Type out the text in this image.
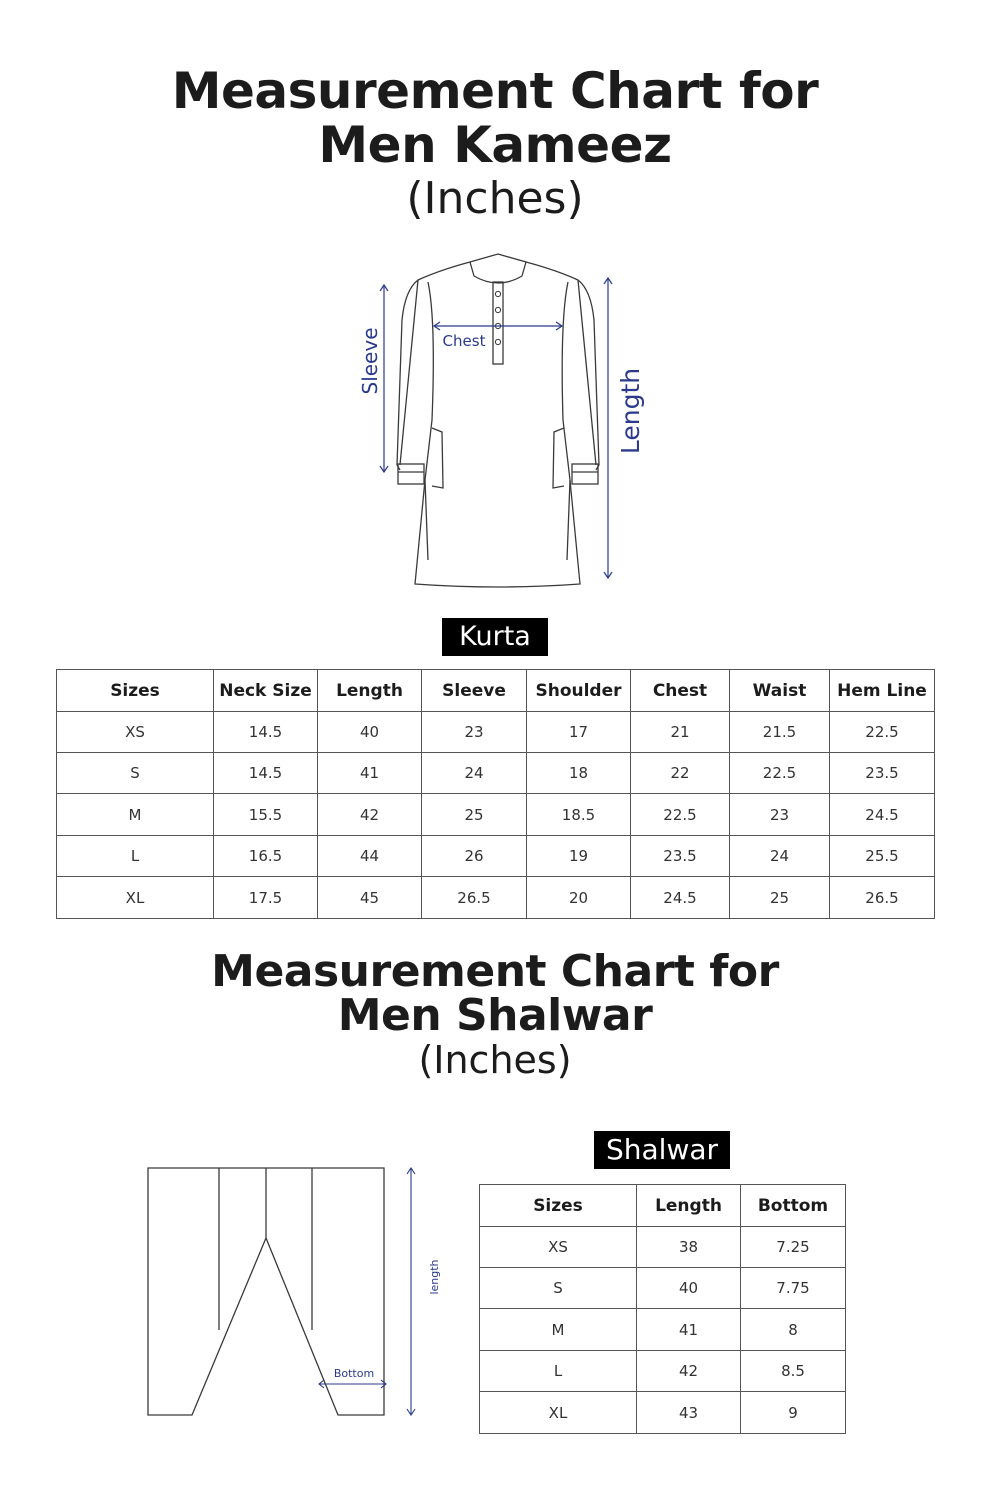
Measurement Chart for
Men Kameez
(Inches)
Chest
Sleeve
Length
Kurta
Sizes	Neck Size	Length	Sleeve	Shoulder	Chest	Waist	Hem Line
XS	14.5	40	23	17	21	21.5	22.5
S	14.5	41	24	18	22	22.5	23.5
M	15.5	42	25	18.5	22.5	23	24.5
L	16.5	44	26	19	23.5	24	25.5
XL	17.5	45	26.5	20	24.5	25	26.5
Measurement Chart for
Men Shalwar
(Inches)
length
Bottom
Shalwar
Sizes	Length	Bottom
XS	38	7.25
S	40	7.75
M	41	8
L	42	8.5
XL	43	9
